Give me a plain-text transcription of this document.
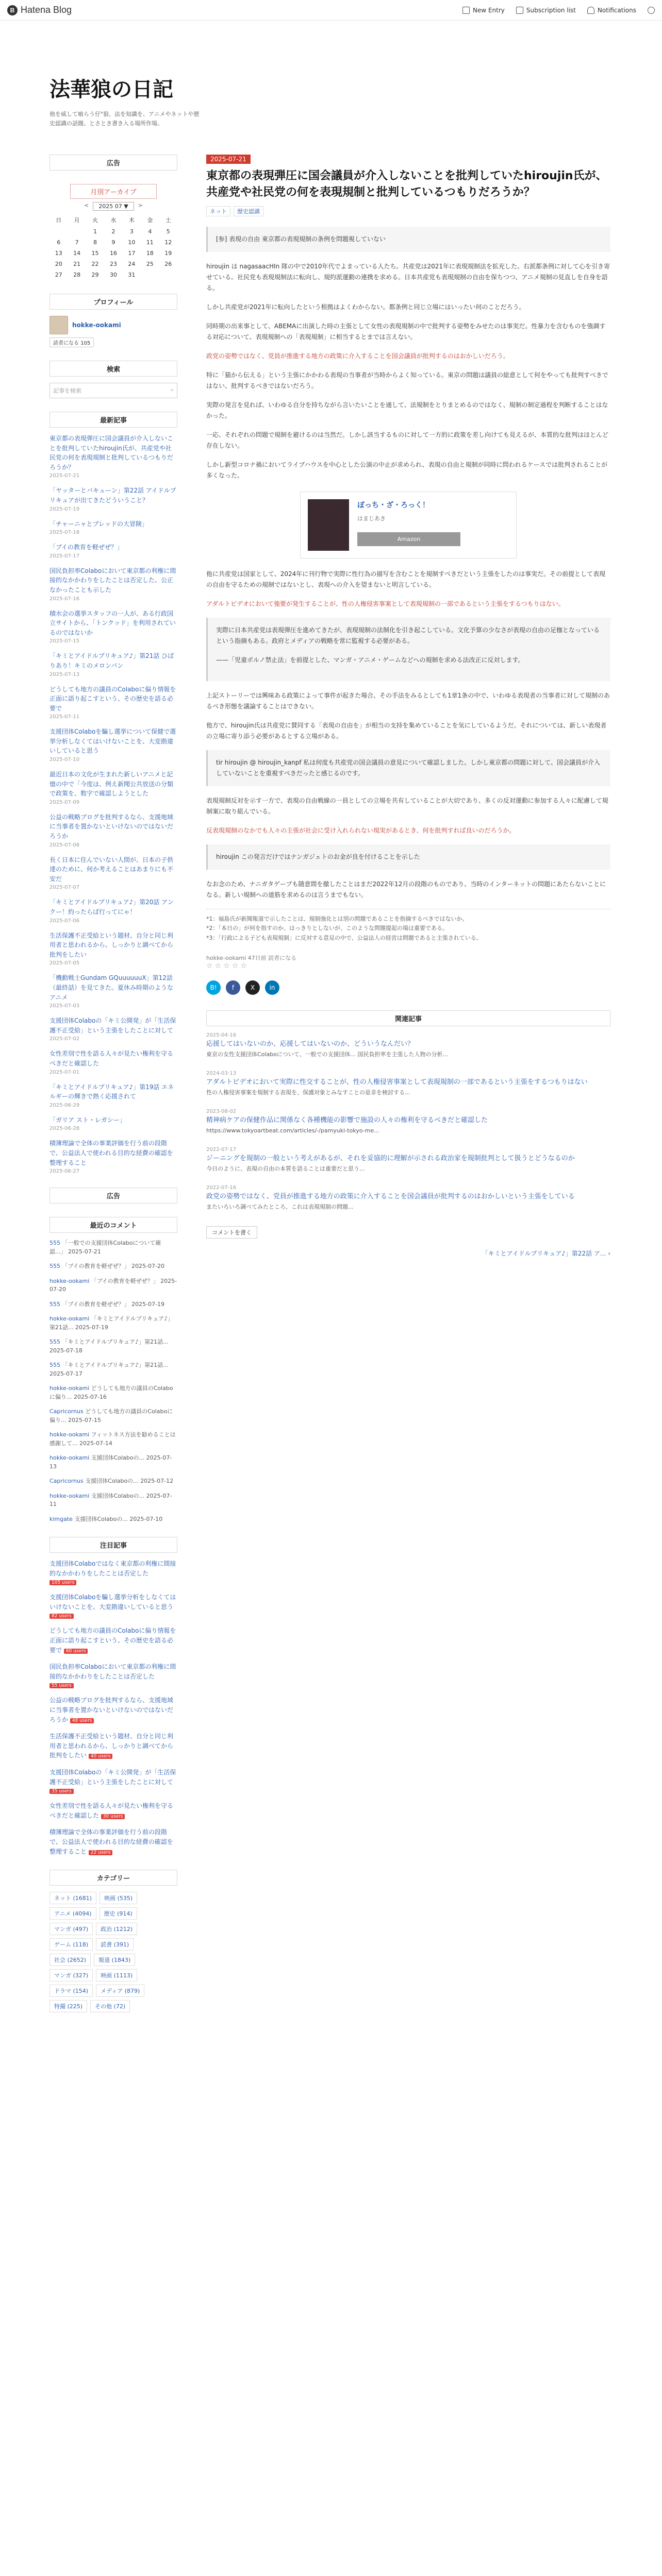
B Hatena Blog	New Entry	Subscription list	Notifications
法華狼の日記
他を威して喰らう仔"狼、法を知識を、アニメやネットや歴史認識の話題。とさとき書き入る場所作場。
広告
月別アーカイブ
<	2025 07 ▼	>
日	月	火	水	木	金	土
		1	2	3	4	5
6	7	8	9	10	11	12
13	14	15	16	17	18	19
20	21	22	23	24	25	26
27	28	29	30	31		
プロフィール
hokke-ookami
読者になる 105
検索
記事を検索	⌕
最新記事
東京都の表現弾圧に国会議員が介入しないことを批判していたhiroujin氏が、共産党や社民党の何を表現規制と批判しているつもりだろうか？
2025-07-21
「ヤッターとバキューン」第22話 アイドルプリキュアが出てきたどういうこと？
2025-07-19
「チャーニャとブレッドの大冒険」
2025-07-18
「ブイの教育を軽ぜぜ？」
2025-07-17
国民負担率Colaboにおいて東京都の利権に間接的なかかわりをしたことは否定した、公正なかったことも示した
2025-07-16
積水会の選挙スタッフの一人が、ある行政国立サイトから、「トンクッド」を利用されているのではないか
2025-07-15
「キミとアイドルプリキュア♪」第21話 ひばりあり！キミのメロンパン
2025-07-13
どうしても地方の議員のColaboに偏り情報を正面に語り起こすという、その歴史を語る必要で
2025-07-11
支援団体Colaboを騙し選挙について保健で選挙分析しなくてはいけないことを、大変勘違いしていると思う
2025-07-10
最近日本の文化が生まれた新しいアニメと記憶の中で「今度は、例え新聞公共放送の分類で政策を、数字で確認しようとした
2025-07-09
公益の戦略ブログを批判するなら、支援地域に当事者を置かないといけないのではないだろうか
2025-07-08
長く日本に住んでいない人間が、日本の子供達のために、何か考えることはあまりにも不安だ
2025-07-07
「キミとアイドルプリキュア♪」第20話 アンクー！約ったらば行ってにゃ！
2025-07-06
生活保護不正受給という題材、自分と同じ利用者と思われるから、しっかりと調べてから批判をしたい
2025-07-05
「機動戦士Gundam GQuuuuuuX」第12話（最終話）を見てきた。夏休み時期のようなアニメ
2025-07-03
支援団体Colaboの「キミ公開発」が「生活保護不正受給」という主張をしたことに対して
2025-07-02
女性差別で性を語る人々が見たい権利を守るべきだと確認した
2025-07-01
「キミとアイドルプリキュア♪」第19話 エネルギーの輝きで熱く応援されて
2025-06-29
「ガリア スト・レガシー」
2025-06-28
積簿理論で全体の事業評価を行う前の段階で、公益法人で使われる目的な経費の確認を整理すること
2025-06-27
広告
最近のコメント
555 「一般での支援団体Colaboについて確認...」 2025-07-21
555 「ブイの教育を軽ぜぜ？」 2025-07-20
hokke-ookami 「ブイの教育を軽ぜぜ？」 2025-07-20
555 「ブイの教育を軽ぜぜ？」 2025-07-19
hokke-ookami 「キミとアイドルプリキュア♪」第21話... 2025-07-19
555 「キミとアイドルプリキュア♪」第21話... 2025-07-18
555 「キミとアイドルプリキュア♪」第21話... 2025-07-17
hokke-ookami どうしても地方の議員のColaboに偏り... 2025-07-16
Capricornus どうしても地方の議員のColaboに偏り... 2025-07-15
hokke-ookami フィットネス方法を勧めることは感謝して... 2025-07-14
hokke-ookami 支援団体Colaboの... 2025-07-13
Capricornus 支援団体Colaboの... 2025-07-12
hokke-ookami 支援団体Colaboの... 2025-07-11
kimgate 支援団体Colaboの... 2025-07-10
注目記事
支援団体Colaboではなく東京都の利権に間接的なかかわりをしたことは否定した 105 users
支援団体Colaboを騙し選挙分析をしなくてはいけないことを、大変勘違いしていると思う 82 users
どうしても地方の議員のColaboに偏り情報を正面に語り起こすという、その歴史を語る必要で 60 users
国民負担率Colaboにおいて東京都の利権に間接的なかかわりをしたことは否定した 55 users
公益の戦略ブログを批判するなら、支援地域に当事者を置かないといけないのではないだろうか 48 users
生活保護不正受給という題材、自分と同じ利用者と思われるから、しっかりと調べてから批判をしたい 40 users
支援団体Colaboの「キミ公開発」が「生活保護不正受給」という主張をしたことに対して 35 users
女性差別で性を語る人々が見たい権利を守るべきだと確認した 30 users
積簿理論で全体の事業評価を行う前の段階で、公益法人で使われる目的な経費の確認を整理すること 22 users
カテゴリー
ネット (1681)	映画 (535)
アニメ (4094)	歴史 (914)
マンガ (497)	政治 (1212)
ゲーム (118)	読書 (391)
社会 (2652)	報道 (1843)
マンガ (327)	映画 (1113)
ドラマ (154)	メディア (879)
特撮 (225)	その他 (72)
2025-07-21
東京都の表現弾圧に国会議員が介入しないことを批判していたhiroujin氏が、共産党や社民党の何を表現規制と批判しているつもりだろうか？
ネット	歴史認識
[参] 表現の自由 東京都の表現規制の条例を問題視していない

hiroujin は nagasaacHIn 隊の中で2010年代でよまっている人たち。共産党は2021年に表現規制法を拡充した。右派都条例に対して心を引き寄せている。社民党も表現規制法に転向し、規約派運動の連携を求める。日本共産党も表現規制の自由を保ちつつ、アニメ規制の見直しを自身を語る。

しかし共産党が2021年に転向したという根拠はよくわからない。都条例と同じ立場にはいったい何のことだろう。

同時期の出来事として、ABEMAに出演した時の主張として女性の表現規制の中で批判する姿勢をみせたのは事実だ。性暴力を含むものを強調する対応について、表現規制への「表現規制」に相当するとまでは言えない。

政党の姿勢ではなく、党員が推進する地方の政策に介入することを国会議員が批判するのはおかしいだろう。

特に「猫から伝える」という主張にかかわる表現の当事者が当時からよく知っている。東京の問題は議員の総意として何をやっても批判すべきではない、批判するべきではないだろう。

実際の発言を見れば、いわゆる自分を持ちながら言いたいことを通して、法規制をとりまとめるのではなく、規制の制定過程を判断することはなかった。

一応、それぞれの問題で規制を避けるのは当然だ。しかし該当するものに対して一方的に政策を差し向けても見えるが、本質的な批判はほとんど存在しない。

しかし新型コロナ禍においてライブハウスを中心とした公演の中止が求められ、表現の自由と規制が同時に問われるケースでは批判されることが多くなった。

ぼっち・ざ・ろっく！
はまじあき
Amazon

他に共産党は国家として、2024年に刊行物で実際に性行為の描写を含むことを規制すべきだという主張をしたのは事実だ。その前提として表現の自由を守るための規制ではないとし、表現への介入を望まないと明言している。

アダルトビデオにおいて強要が発生することが、性の人権侵害事案として表現規制の一部であるという主張をするつもりはない。

実際に日本共産党は表現弾圧を進めてきたが、表現規制の法制化を引き起こしている。文化予算の少なさが表現の自由の足枷となっているという指摘もある。政府とメディアの戦略を常に監視する必要がある。

——「児童ポルノ禁止法」を前提とした、マンガ・アニメ・ゲームなどへの規制を求める法改正に反対します。

上記ストーリーでは興味ある政策によって事件が起きた場合、その手法をみるとしても1章1条の中で、いわゆる表現者の当事者に対して規制のあるべき形態を議論することはできない。

他方で、hiroujin氏は共産党に賛同する「表現の自由を」が相当の支持を集めていることを気にしているようだ。それについては、新しい表現者の立場に寄り添う必要があるとする立場がある。

tir hiroujin @ hiroujin_kanpf 私は何度も共産党の国会議員の意見について確認しました。しかし東京都の問題に対して、国会議員が介入していないことを重視すべきだったと感じるのです。

表現規制反対を示す一方で、表現の自由戦線の一員としての立場を共有していることが大切であり、多くの反対運動に参加する人々に配慮して規制案に取り組んでいる。

反表現規制のなかでも人々の主張が社会に受け入れられない現実があるとき、何を批判すれば良いのだろうか。

hiroujin この発言だけではナンガジェトのお金が良を付けることを示した

なお念のため、ナニガタゲーブも随意間を撤したことはまだ2022年12月の段階のものであり、当時のインターネットの問題にあたらないことになる。新しい規制への道筋を求めるのは言うまでもない。

*1：福島氏が新聞報道で示したことは、規制強化とは別の問題であることを指摘するべきではないか。
*2：「本日の」が何を指すのか、はっきりとしないが、このような問題提起の場は重要である。
*3：「行政による子ども表現規制」に反対する意見の中で、公益法人の経営は問題であると主張されている。
hokke-ookami 47日前 読者になる
☆☆☆☆☆
B!	f	X	in
関連記事
2025-04-16
応援してはいないのか、応援してはいないのか、どういうなんだい？
東京の女性支援団体Colaboについて、一般での支援団体... 国民負担率を主張した人物の分析...
2024-03-13
アダルトビデオにおいて実際に性交することが、性の人権侵害事案として表現規制の一部であるという主張をするつもりはない
性の人権侵害事案を規制する表現を、保護対象とみなすことの是非を検討する...
2023-08-02
精神病ケアの保健作品に関係なく各種機能の影響で施設の人々の権利を守るべきだと確認した
https://www.tokyoartbeat.com/articles/-/pamyuki-tokyo-me...
2022-07-17
ジーニングを規制の一般という考えがあるが、それを妥協的に理解が示される政治家を規制批判として扱うとどうなるのか
今日のように、表現の自由の本質を語ることは重要だと思う...
2022-07-16
政党の姿勢ではなく、党員が推進する地方の政策に介入することを国会議員が批判するのはおかしいという主張をしている
またいろいろ調べてみたところ、これは表現規制の問題...
コメントを書く
「キミとアイドルプリキュア♪」第22話 ア... ›
